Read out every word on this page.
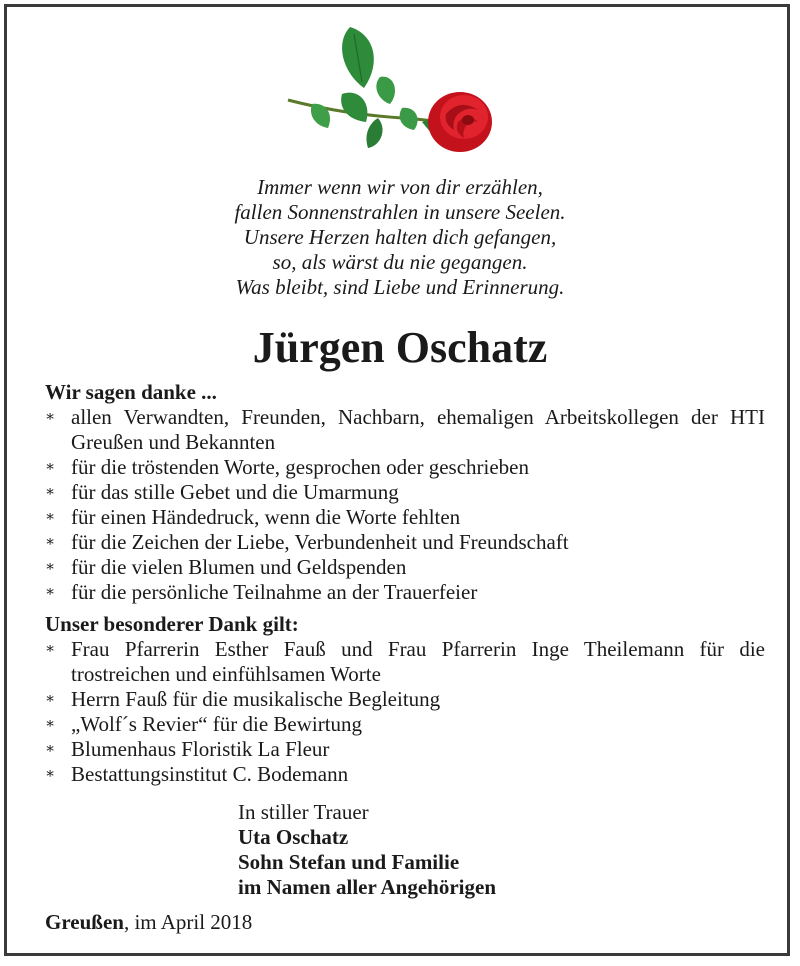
Immer wenn wir von dir erzählen,
fallen Sonnenstrahlen in unsere Seelen.
Unsere Herzen halten dich gefangen,
so, als wärst du nie gegangen.
Was bleibt, sind Liebe und Erinnerung.
Jürgen Oschatz
Wir sagen danke ...
∗ allen Verwandten, Freunden, Nachbarn, ehemaligen Arbeitskollegen der HTI Greußen und Bekannten
∗ für die tröstenden Worte, gesprochen oder geschrieben
∗ für das stille Gebet und die Umarmung
∗ für einen Händedruck, wenn die Worte fehlten
∗ für die Zeichen der Liebe, Verbundenheit und Freundschaft
∗ für die vielen Blumen und Geldspenden
∗ für die persönliche Teilnahme an der Trauerfeier
Unser besonderer Dank gilt:
∗ Frau Pfarrerin Esther Fauß und Frau Pfarrerin Inge Theilemann für die trostreichen und einfühlsamen Worte
∗ Herrn Fauß für die musikalische Begleitung
∗ „Wolf´s Revier“ für die Bewirtung
∗ Blumenhaus Floristik La Fleur
∗ Bestattungsinstitut C. Bodemann
In stiller Trauer
Uta Oschatz
Sohn Stefan und Familie
im Namen aller Angehörigen
Greußen, im April 2018
